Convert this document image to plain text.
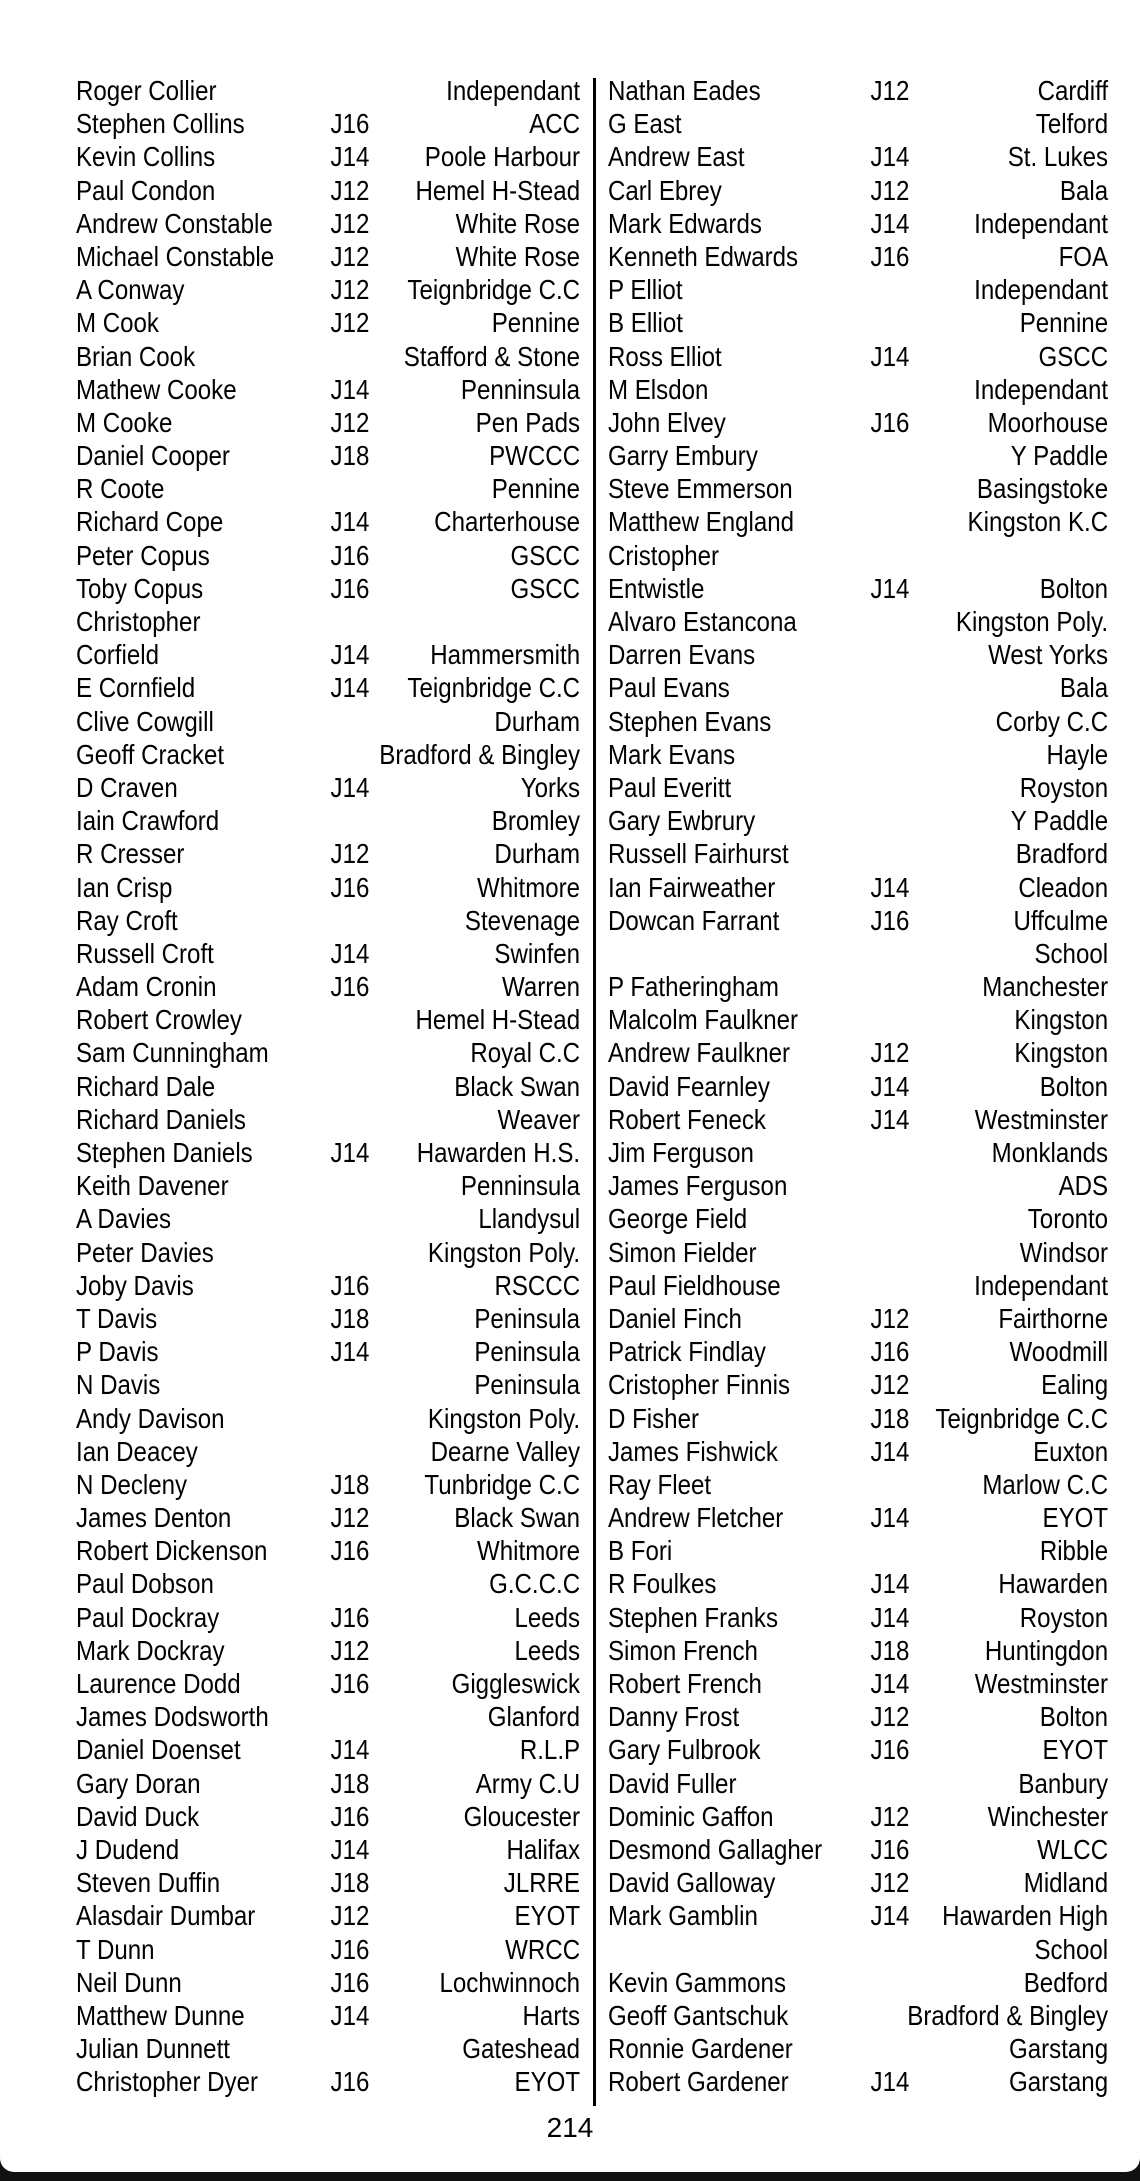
Roger Collier	Independant
Stephen Collins	J16	ACC
Kevin Collins	J14 Poole Harbour
Paul Condon	J12 Hemel H-Stead
Andrew Constable J12	White Rose
Michael Constable J12	White Rose
A Conway	J12 Teignbridge C.C
M Cook	J12	Pennine
Brian Cook	Stafford & Stone
Mathew Cooke	J14	Penninsula
M Cooke	J12	Pen Pads
Daniel Cooper	J18	PWCCC
R Coote	Pennine
Richard Cope	J14 Charterhouse
Peter Copus	J16	GSCC
Toby Copus	J16	GSCC
Christopher
Corfield	J14 Hammersmith
E Cornfield	J14 Teignbridge C.C
Clive Cowgill	Durham
Geoff Cracket	Bradford & Bingley
D Craven	J14	Yorks
Iain Crawford	Bromley
R Cresser	J12	Durham
Ian Crisp	J16	Whitmore
Ray Croft	Stevenage
Russell Croft	J14	Swinfen
Adam Cronin	J16	Warren
Robert Crowley	Hemel H-Stead
Sam Cunningham	Royal C.C
Richard Dale	Black Swan
Richard Daniels	Weaver
Stephen Daniels	J14 Hawarden H.S.
Keith Davener	Penninsula
A Davies	Llandysul
Peter Davies	Kingston Poly.
Joby Davis	J16	RSCCC
T Davis	J18	Peninsula
P Davis	J14	Peninsula
N Davis	Peninsula
Andy Davison	Kingston Poly.
Ian Deacey	Dearne Valley
N Decleny	J18 Tunbridge C.C
James Denton	J12	Black Swan
Robert Dickenson J16	Whitmore
Paul Dobson	G.C.C.C
Paul Dockray	J16	Leeds
Mark Dockray	J12	Leeds
Laurence Dodd	J16	Giggleswick
James Dodsworth	Glanford
Daniel Doenset	J14	R.L.P
Gary Doran	J18	Army C.U
David Duck	J16	Gloucester
J Dudend	J14	Halifax
Steven Duffin	J18	JLRRE
Alasdair Dumbar	J12	EYOT
T Dunn	J16	WRCC
Neil Dunn	J16	Lochwinnoch
Matthew Dunne	J14	Harts
Julian Dunnett	Gateshead
Christopher Dyer	J16	EYOT
Nathan Eades	J12	Cardiff
G East	Telford
Andrew East	J14	St. Lukes
Carl Ebrey	J12	Bala
Mark Edwards	J14 Independant
Kenneth Edwards	J16	FOA
P Elliot	Independant
B Elliot	Pennine
Ross Elliot	J14	GSCC
M Elsdon	Independant
John Elvey	J16	Moorhouse
Garry Embury	Y Paddle
Steve Emmerson	Basingstoke
Matthew England	Kingston K.C
Cristopher
Entwistle	J14	Bolton
Alvaro Estancona	Kingston Poly.
Darren Evans	West Yorks
Paul Evans	Bala
Stephen Evans	Corby C.C
Mark Evans	Hayle
Paul Everitt	Royston
Gary Ewbrury	Y Paddle
Russell Fairhurst	Bradford
Ian Fairweather	J14	Cleadon
Dowcan Farrant	J16	Uffculme
School
P Fatheringham	Manchester
Malcolm Faulkner	Kingston
Andrew Faulkner	J12	Kingston
David Fearnley	J14	Bolton
Robert Feneck	J14 Westminster
Jim Ferguson	Monklands
James Ferguson	ADS
George Field	Toronto
Simon Fielder	Windsor
Paul Fieldhouse	Independant
Daniel Finch	J12	Fairthorne
Patrick Findlay	J16	Woodmill
Cristopher Finnis	J12	Ealing
D Fisher	J18 Teignbridge C.C
James Fishwick	J14	Euxton
Ray Fleet	Marlow C.C
Andrew Fletcher	J14	EYOT
B Fori	Ribble
R Foulkes	J14	Hawarden
Stephen Franks	J14	Royston
Simon French	J18	Huntingdon
Robert French	J14 Westminster
Danny Frost	J12	Bolton
Gary Fulbrook	J16	EYOT
David Fuller	Banbury
Dominic Gaffon	J12	Winchester
Desmond Gallagher J16	WLCC
David Galloway	J12	Midland
Mark Gamblin	J14 Hawarden High
School
Kevin Gammons	Bedford
Geoff Gantschuk	Bradford & Bingley
Ronnie Gardener	Garstang
Robert Gardener	J14	Garstang
214
